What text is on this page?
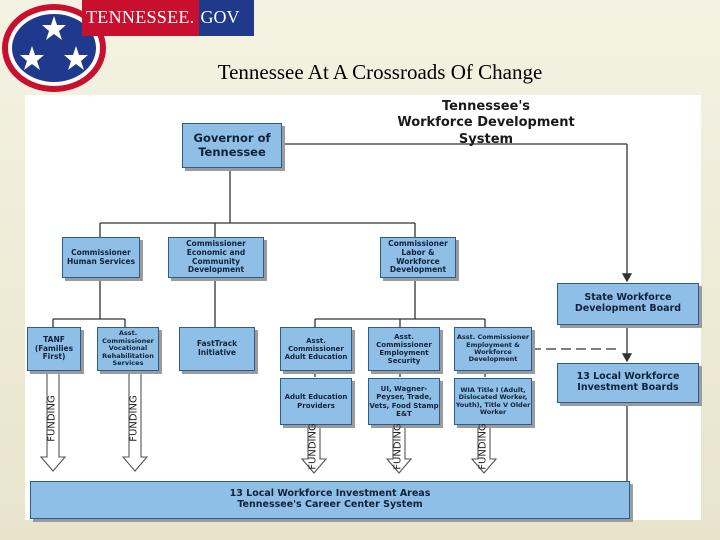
TENNESSEE. GOV
Tennessee At A Crossroads Of Change
Tennessee's
Workforce Development
System
Governor of Tennessee
Commissioner Human Services
Commissioner Economic and Community Development
Commissioner Labor & Workforce Development
State Workforce Development Board
13 Local Workforce Investment Boards
TANF (Families First)
Asst. Commissioner Vocational Rehabilitation Services
FastTrack Initiative
Asst. Commissioner Adult Education
Asst. Commissioner Employment Security
Asst. Commissioner Employment & Workforce Development
Adult Education Providers
UI, Wagner-Peyser, Trade, Vets, Food Stamp E&T
WIA Title I (Adult, Dislocated Worker, Youth), Title V Older Worker
13 Local Workforce Investment Areas
Tennessee's Career Center System
FUNDING	FUNDING
FUNDING	FUNDING	FUNDING
